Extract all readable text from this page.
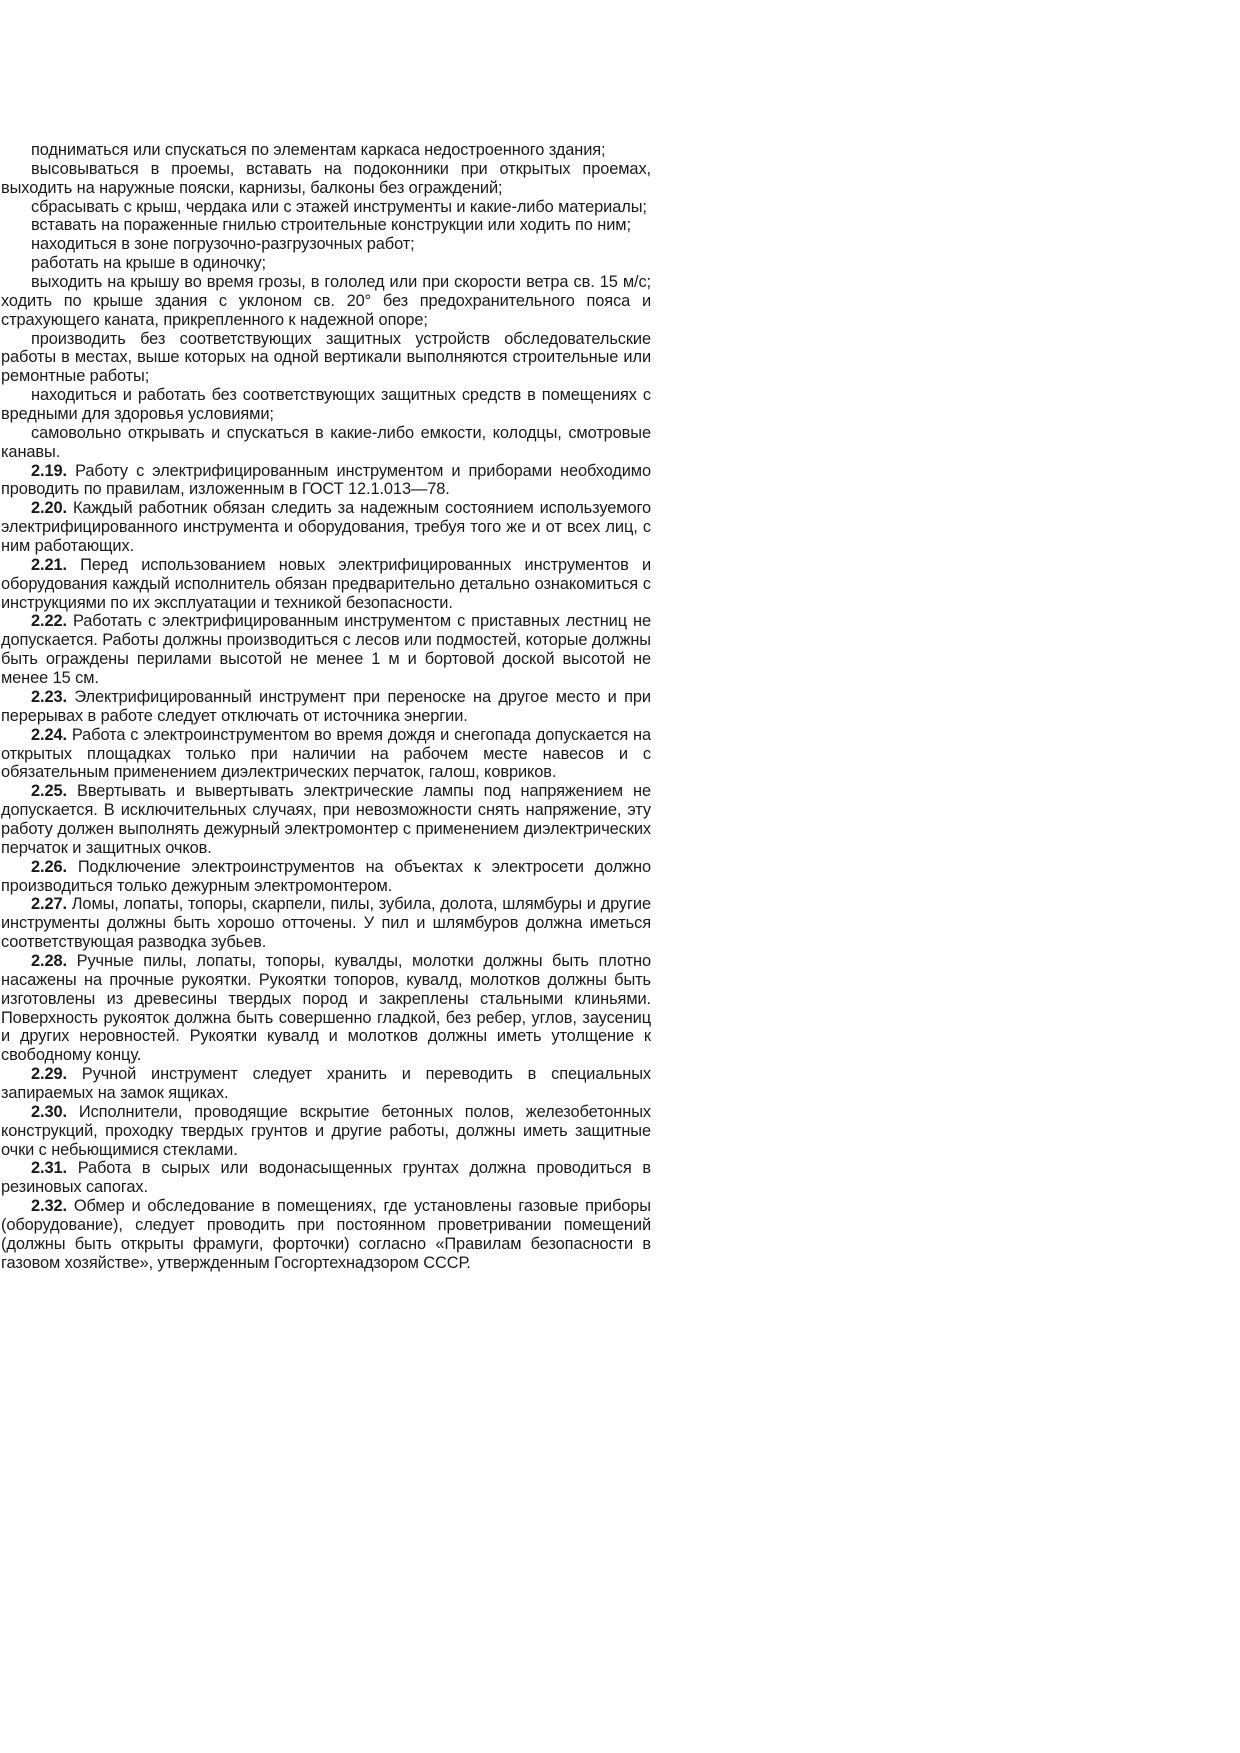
подниматься или спускаться по элементам каркаса недостроенного здания;

высовываться в проемы, вставать на подоконники при открытых проемах, выходить на наружные пояски, карнизы, балконы без ограждений;

сбрасывать с крыш, чердака или с этажей инструменты и какие-либо материалы;

вставать на пораженные гнилью строительные конструкции или ходить по ним;

находиться в зоне погрузочно-разгрузочных работ;

работать на крыше в одиночку;

выходить на крышу во время грозы, в гололед или при скорости ветра св. 15 м/с; ходить по крыше здания с уклоном св. 20° без предохранительного пояса и страхующего каната, прикрепленного к надежной опоре;

производить без соответствующих защитных устройств обследовательские работы в местах, выше которых на одной вертикали выполняются строительные или ремонтные работы;

находиться и работать без соответствующих защитных средств в помещениях с вредными для здоровья условиями;

самовольно открывать и спускаться в какие-либо емкости, колодцы, смотровые канавы.

2.19. Работу с электрифицированным инструментом и приборами необходимо проводить по правилам, изложенным в ГОСТ 12.1.013—78.

2.20. Каждый работник обязан следить за надежным состоянием используемого электрифицированного инструмента и оборудования, требуя того же и от всех лиц, с ним работающих.

2.21. Перед использованием новых электрифицированных инструментов и оборудования каждый исполнитель обязан предварительно детально ознакомиться с инструкциями по их эксплуатации и техникой безопасности.

2.22. Работать с электрифицированным инструментом с приставных лестниц не допускается. Работы должны производиться с лесов или подмостей, которые должны быть ограждены перилами высотой не менее 1 м и бортовой доской высотой не менее 15 см.

2.23. Электрифицированный инструмент при переноске на другое место и при перерывах в работе следует отключать от источника энергии.

2.24. Работа с электроинструментом во время дождя и снегопада допускается на открытых площадках только при наличии на рабочем месте навесов и с обязательным применением диэлектрических перчаток, галош, ковриков.

2.25. Ввертывать и вывертывать электрические лампы под напряжением не допускается. В исключительных случаях, при невозможности снять напряжение, эту работу должен выполнять дежурный электромонтер с применением диэлектрических перчаток и защитных очков.

2.26. Подключение электроинструментов на объектах к электросети должно производиться только дежурным электромонтером.

2.27. Ломы, лопаты, топоры, скарпели, пилы, зубила, долота, шлямбуры и другие инструменты должны быть хорошо отточены. У пил и шлямбуров должна иметься соответствующая разводка зубьев.

2.28. Ручные пилы, лопаты, топоры, кувалды, молотки должны быть плотно насажены на прочные рукоятки. Рукоятки топоров, кувалд, молотков должны быть изготовлены из древесины твердых пород и закреплены стальными клиньями. Поверхность рукояток должна быть совершенно гладкой, без ребер, углов, заусениц и других неровностей. Рукоятки кувалд и молотков должны иметь утолщение к свободному концу.

2.29. Ручной инструмент следует хранить и переводить в специальных запираемых на замок ящиках.

2.30. Исполнители, проводящие вскрытие бетонных полов, железобетонных конструкций, проходку твердых грунтов и другие работы, должны иметь защитные очки с небьющимися стеклами.

2.31. Работа в сырых или водонасыщенных грунтах должна проводиться в резиновых сапогах.

2.32. Обмер и обследование в помещениях, где установлены газовые приборы (оборудование), следует проводить при постоянном проветривании помещений (должны быть открыты фрамуги, форточки) согласно «Правилам безопасности в газовом хозяйстве», утвержденным Госгортехнадзором СССР.
